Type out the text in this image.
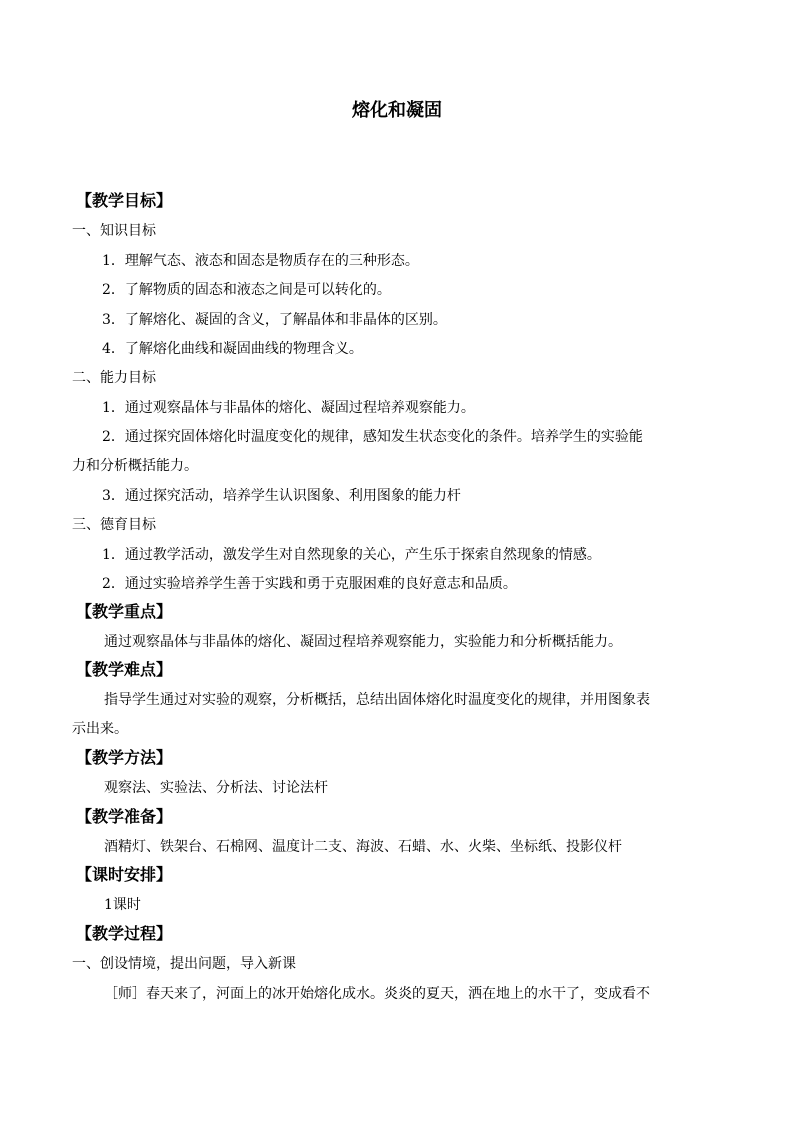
熔化和凝固
【教学目标】
一、知识目标
1．理解气态、液态和固态是物质存在的三种形态。
2．了解物质的固态和液态之间是可以转化的。
3．了解熔化、凝固的含义，了解晶体和非晶体的区别。
4．了解熔化曲线和凝固曲线的物理含义。
二、能力目标
1．通过观察晶体与非晶体的熔化、凝固过程培养观察能力。
2．通过探究固体熔化时温度变化的规律，感知发生状态变化的条件。培养学生的实验能
力和分析概括能力。
3．通过探究活动，培养学生认识图象、利用图象的能力杆
三、德育目标
1．通过教学活动，激发学生对自然现象的关心，产生乐于探索自然现象的情感。
2．通过实验培养学生善于实践和勇于克服困难的良好意志和品质。
【教学重点】
通过观察晶体与非晶体的熔化、凝固过程培养观察能力，实验能力和分析概括能力。
【教学难点】
指导学生通过对实验的观察，分析概括，总结出固体熔化时温度变化的规律，并用图象表
示出来。
【教学方法】
观察法、实验法、分析法、讨论法杆
【教学准备】
酒精灯、铁架台、石棉网、温度计二支、海波、石蜡、水、火柴、坐标纸、投影仪杆
【课时安排】
1课时
【教学过程】
一、创设情境，提出问题，导入新课
［师］春天来了，河面上的冰开始熔化成水。炎炎的夏天，洒在地上的水干了，变成看不
